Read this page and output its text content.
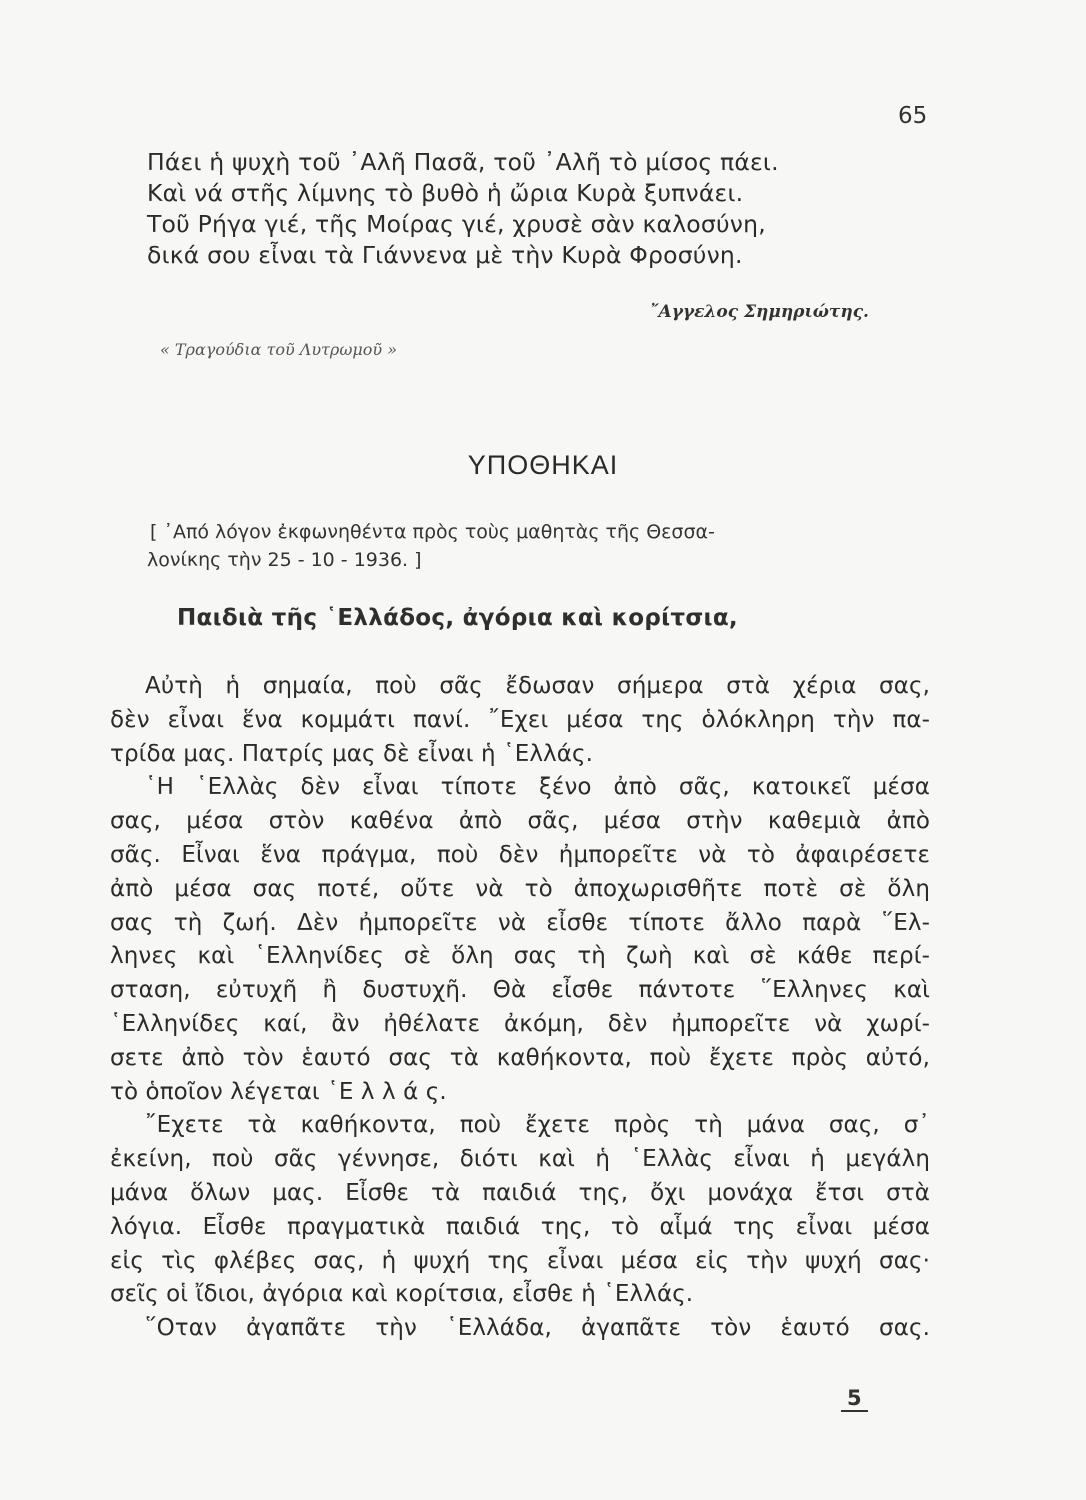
65
Πάει ἡ ψυχὴ τοῦ ᾿Αλῆ Πασᾶ, τοῦ ᾿Αλῆ τὸ μίσος πάει.
Καὶ νά στῆς λίμνης τὸ βυθὸ ἡ ὤρια Κυρὰ ξυπνάει.
Τοῦ Ρήγα γιέ, τῆς Μοίρας γιέ, χρυσὲ σὰν καλοσύνη,
δικά σου εἶναι τὰ Γιάννενα μὲ τὴν Κυρὰ Φροσύνη.
῎Αγγελος Σημηριώτης.
« Τραγούδια τοῦ Λυτρωμοῦ »
ΥΠΟΘΗΚΑΙ
[ ᾿Από λόγον ἐκφωνηθέντα πρὸς τοὺς μαθητὰς τῆς Θεσσα-
λονίκης τὴν 25 - 10 - 1936. ]
Παιδιὰ τῆς ῾Ελλάδος, ἀγόρια καὶ κορίτσια,
Αὐτὴ ἡ σημαία, ποὺ σᾶς ἔδωσαν σήμερα στὰ χέρια σας,
δὲν εἶναι ἕνα κομμάτι πανί. ῎Εχει μέσα της ὁλόκληρη τὴν πα-
τρίδα μας. Πατρίς μας δὲ εἶναι ἡ ῾Ελλάς.
῾Η ῾Ελλὰς δὲν εἶναι τίποτε ξένο ἀπὸ σᾶς, κατοικεῖ μέσα
σας, μέσα στὸν καθένα ἀπὸ σᾶς, μέσα στὴν καθεμιὰ ἀπὸ
σᾶς. Εἶναι ἕνα πράγμα, ποὺ δὲν ἠμπορεῖτε νὰ τὸ ἀφαιρέσετε
ἀπὸ μέσα σας ποτέ, οὔτε νὰ τὸ ἀποχωρισθῆτε ποτὲ σὲ ὅλη
σας τὴ ζωή. Δὲν ἠμπορεῖτε νὰ εἶσθε τίποτε ἄλλο παρὰ ῞Ελ-
ληνες καὶ ῾Ελληνίδες σὲ ὅλη σας τὴ ζωὴ καὶ σὲ κάθε περί-
σταση, εὐτυχῆ ἢ δυστυχῆ. Θὰ εἶσθε πάντοτε ῞Ελληνες καὶ
῾Ελληνίδες καί, ἂν ἠθέλατε ἀκόμη, δὲν ἠμπορεῖτε νὰ χωρί-
σετε ἀπὸ τὸν ἑαυτό σας τὰ καθήκοντα, ποὺ ἔχετε πρὸς αὐτό,
τὸ ὁποῖον λέγεται ῾Ε λ λ ά ς.
῎Εχετε τὰ καθήκοντα, ποὺ ἔχετε πρὸς τὴ μάνα σας, σ᾿
ἐκείνη, ποὺ σᾶς γέννησε, διότι καὶ ἡ ῾Ελλὰς εἶναι ἡ μεγάλη
μάνα ὅλων μας. Εἶσθε τὰ παιδιά της, ὄχι μονάχα ἔτσι στὰ
λόγια. Εἶσθε πραγματικὰ παιδιά της, τὸ αἷμά της εἶναι μέσα
εἰς τὶς φλέβες σας, ἡ ψυχή της εἶναι μέσα εἰς τὴν ψυχή σας·
σεῖς οἱ ἴδιοι, ἀγόρια καὶ κορίτσια, εἶσθε ἡ ῾Ελλάς.
῞Οταν ἀγαπᾶτε τὴν ῾Ελλάδα, ἀγαπᾶτε τὸν ἑαυτό σας.
5
